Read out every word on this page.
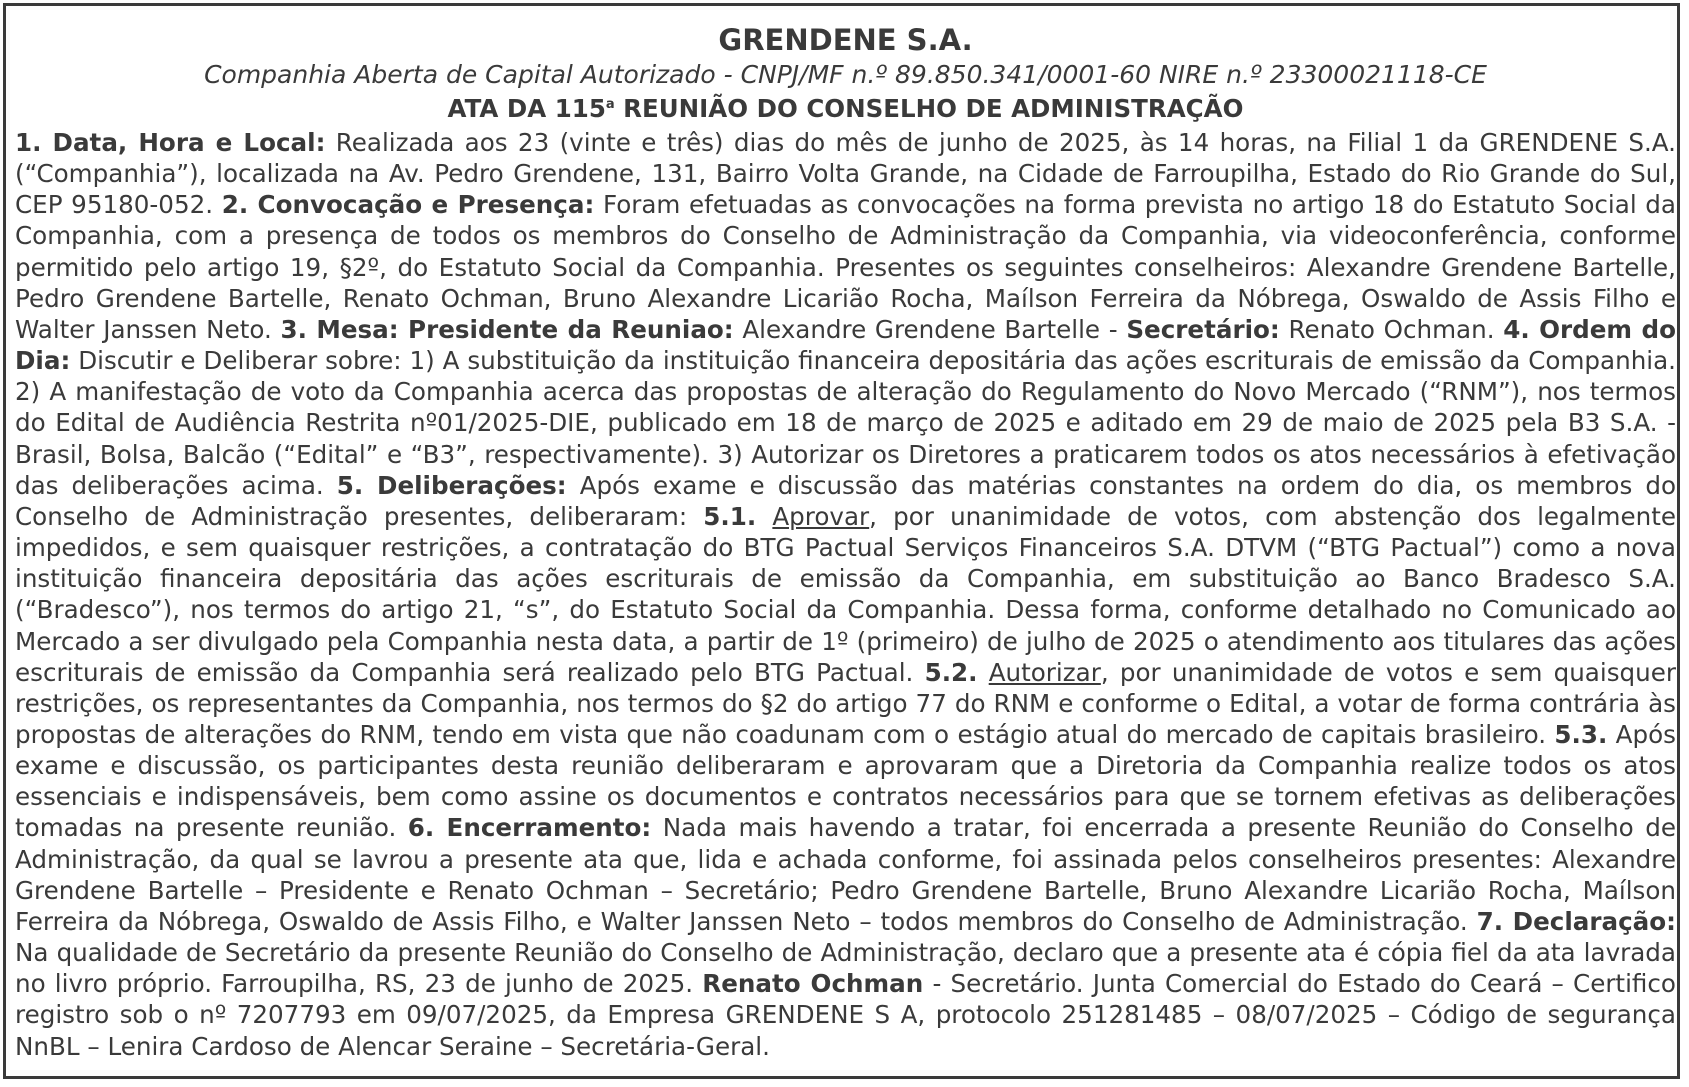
GRENDENE S.A.

Companhia Aberta de Capital Autorizado - CNPJ/MF n.º 89.850.341/0001-60 NIRE n.º 23300021118-CE

ATA DA 115$^a$ REUNIÃO DO CONSELHO DE ADMINISTRAÇÃO

1. Data, Hora e Local: Realizada aos 23 (vinte e três) dias do mês de junho de 2025, às 14 horas, na Filial 1 da GRENDENE S.A. (“Companhia”), localizada na Av. Pedro Grendene, 131, Bairro Volta Grande, na Cidade de Farroupilha, Estado do Rio Grande do Sul, CEP 95180-052. 2. Convocação e Presença: Foram efetuadas as convocações na forma prevista no artigo 18 do Estatuto Social da Companhia, com a presença de todos os membros do Conselho de Administração da Companhia, via videoconferência, conforme permitido pelo artigo 19, §2º, do Estatuto Social da Companhia. Presentes os seguintes conselheiros: Alexandre Grendene Bartelle, Pedro Grendene Bartelle, Renato Ochman, Bruno Alexandre Licarião Rocha, Maílson Ferreira da Nóbrega, Oswaldo de Assis Filho e Walter Janssen Neto. 3. Mesa: Presidente da Reuniao: Alexandre Grendene Bartelle - Secretário: Renato Ochman. 4. Ordem do Dia: Discutir e Deliberar sobre: 1) A substituição da instituição financeira depositária das ações escriturais de emissão da Companhia. 2) A manifestação de voto da Companhia acerca das propostas de alteração do Regulamento do Novo Mercado (“RNM”), nos termos do Edital de Audiência Restrita nº01/2025-DIE, publicado em 18 de março de 2025 e aditado em 29 de maio de 2025 pela B3 S.A. - Brasil, Bolsa, Balcão (“Edital” e “B3”, respectivamente). 3) Autorizar os Diretores a praticarem todos os atos necessários à efetivação das deliberações acima. 5. Deliberações: Após exame e discussão das matérias constantes na ordem do dia, os membros do Conselho de Administração presentes, deliberaram: 5.1. Aprovar, por unanimidade de votos, com abstenção dos legalmente impedidos, e sem quaisquer restrições, a contratação do BTG Pactual Serviços Financeiros S.A. DTVM (“BTG Pactual”) como a nova instituição financeira depositária das ações escriturais de emissão da Companhia, em substituição ao Banco Bradesco S.A. (“Bradesco”), nos termos do artigo 21, “s”, do Estatuto Social da Companhia. Dessa forma, conforme detalhado no Comunicado ao Mercado a ser divulgado pela Companhia nesta data, a partir de 1º (primeiro) de julho de 2025 o atendimento aos titulares das ações escriturais de emissão da Companhia será realizado pelo BTG Pactual. 5.2. Autorizar, por unanimidade de votos e sem quaisquer restrições, os representantes da Companhia, nos termos do §2 do artigo 77 do RNM e conforme o Edital, a votar de forma contrária às propostas de alterações do RNM, tendo em vista que não coadunam com o estágio atual do mercado de capitais brasileiro. 5.3. Após exame e discussão, os participantes desta reunião deliberaram e aprovaram que a Diretoria da Companhia realize todos os atos essenciais e indispensáveis, bem como assine os documentos e contratos necessários para que se tornem efetivas as deliberações tomadas na presente reunião. 6. Encerramento: Nada mais havendo a tratar, foi encerrada a presente Reunião do Conselho de Administração, da qual se lavrou a presente ata que, lida e achada conforme, foi assinada pelos conselheiros presentes: Alexandre Grendene Bartelle – Presidente e Renato Ochman – Secretário; Pedro Grendene Bartelle, Bruno Alexandre Licarião Rocha, Maílson Ferreira da Nóbrega, Oswaldo de Assis Filho, e Walter Janssen Neto – todos membros do Conselho de Administração. 7. Declaração: Na qualidade de Secretário da presente Reunião do Conselho de Administração, declaro que a presente ata é cópia fiel da ata lavrada no livro próprio. Farroupilha, RS, 23 de junho de 2025. Renato Ochman - Secretário. Junta Comercial do Estado do Ceará – Certifico registro sob o nº 7207793 em 09/07/2025, da Empresa GRENDENE S A, protocolo 251281485 – 08/07/2025 – Código de segurança NnBL – Lenira Cardoso de Alencar Seraine – Secretária-Geral.
